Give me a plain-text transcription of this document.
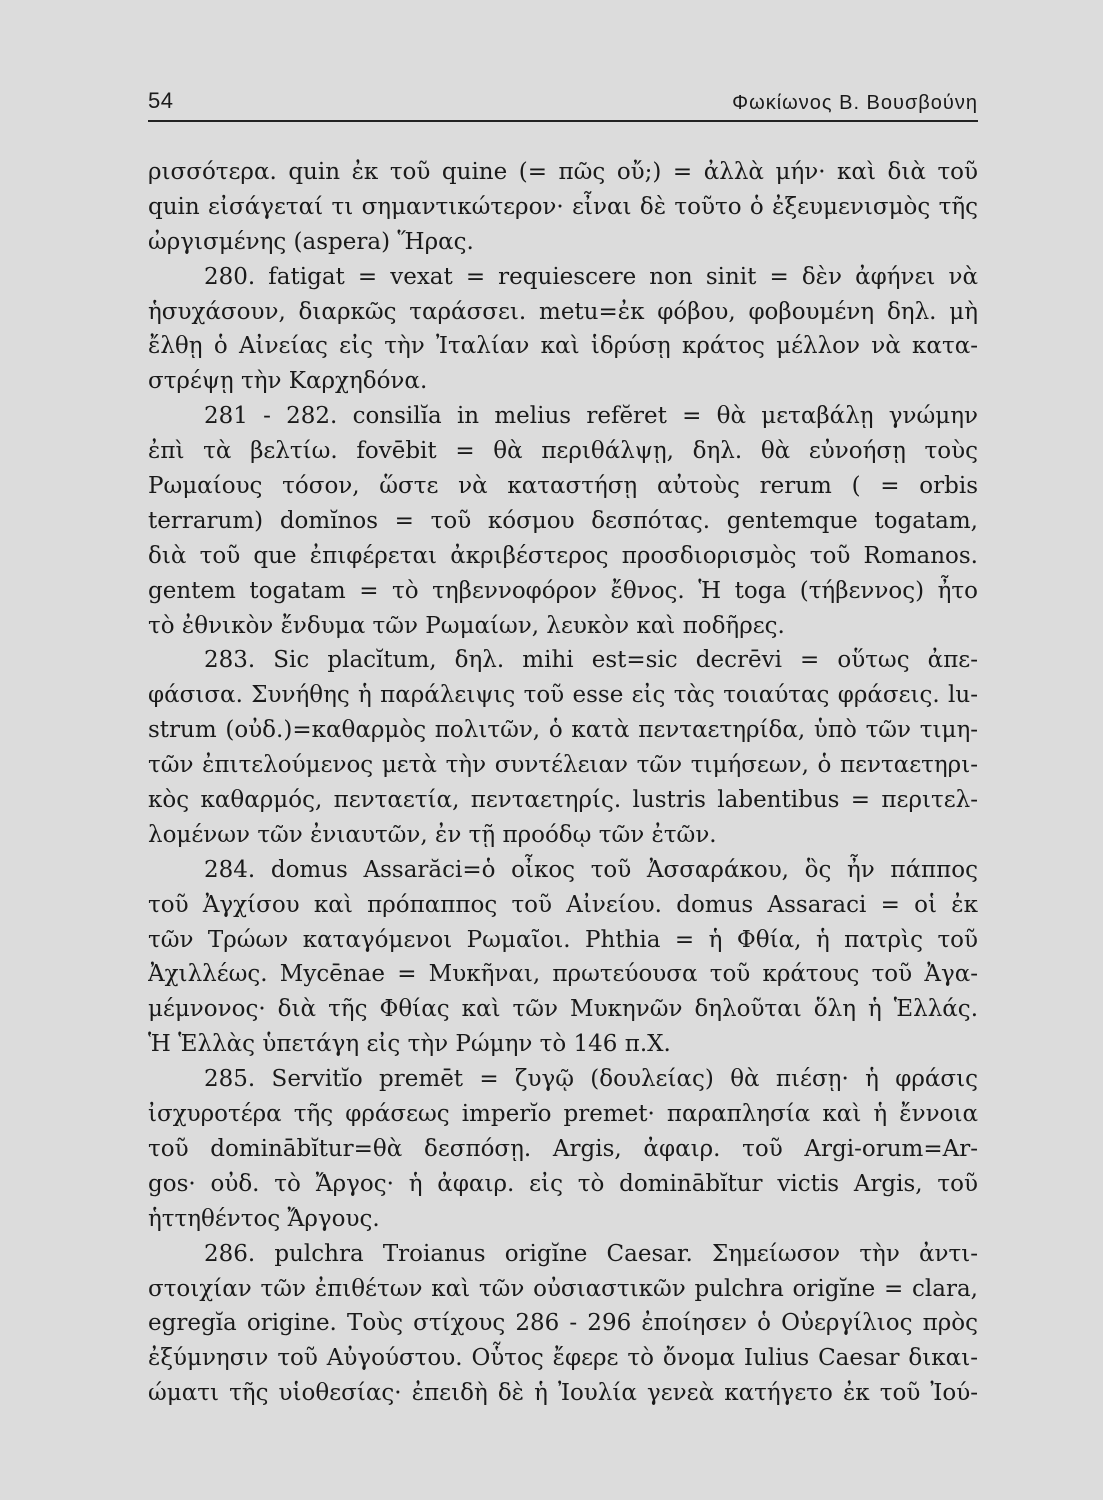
54	Φωκίωνος Β. Βουσβούνη
ρισσότερα. quin ἐκ τοῦ quine (= πῶς οὔ;) = ἀλλὰ μήν· καὶ διὰ τοῦ
quin εἰσάγεταί τι σημαντικώτερον· εἶναι δὲ τοῦτο ὁ ἐξευμενισμὸς τῆς
ὠργισμένης (aspera) Ἥρας.
280. fatigat = vexat = requiescere non sinit = δὲν ἀφήνει νὰ
ἡσυχάσουν, διαρκῶς ταράσσει. metu=ἐκ φόβου, φοβουμένη δηλ. μὴ
ἔλθῃ ὁ Αἰνείας εἰς τὴν Ἰταλίαν καὶ ἱδρύσῃ κράτος μέλλον νὰ κατα-
στρέψῃ τὴν Καρχηδόνα.
281 - 282. consilĭa in melius refĕret = θὰ μεταβάλῃ γνώμην
ἐπὶ τὰ βελτίω. fovēbit = θὰ περιθάλψῃ, δηλ. θὰ εὐνοήσῃ τοὺς
Ρωμαίους τόσον, ὥστε νὰ καταστήσῃ αὐτοὺς rerum ( = orbis
terrarum) domĭnos = τοῦ κόσμου δεσπότας. gentemque togatam,
διὰ τοῦ que ἐπιφέρεται ἀκριβέστερος προσδιορισμὸς τοῦ Romanos.
gentem togatam = τὸ τηβεννοφόρον ἔθνος. Ἡ toga (τήβεννος) ἦτο
τὸ ἐθνικὸν ἔνδυμα τῶν Ρωμαίων, λευκὸν καὶ ποδῆρες.
283. Sic placĭtum, δηλ. mihi est=sic decrēvi = οὕτως ἀπε-
φάσισα. Συνήθης ἡ παράλειψις τοῦ esse εἰς τὰς τοιαύτας φράσεις. lu-
strum (οὐδ.)=καθαρμὸς πολιτῶν, ὁ κατὰ πενταετηρίδα, ὑπὸ τῶν τιμη-
τῶν ἐπιτελούμενος μετὰ τὴν συντέλειαν τῶν τιμήσεων, ὁ πενταετηρι-
κὸς καθαρμός, πενταετία, πενταετηρίς. lustris labentibus = περιτελ-
λομένων τῶν ἐνιαυτῶν, ἐν τῇ προόδῳ τῶν ἐτῶν.
284. domus Assarăci=ὁ οἶκος τοῦ Ἀσσαράκου, ὃς ἦν πάππος
τοῦ Ἀγχίσου καὶ πρόπαππος τοῦ Αἰνείου. domus Assaraci = οἱ ἐκ
τῶν Τρώων καταγόμενοι Ρωμαῖοι. Phthia = ἡ Φθία, ἡ πατρὶς τοῦ
Ἀχιλλέως. Mycēnae = Μυκῆναι, πρωτεύουσα τοῦ κράτους τοῦ Ἀγα-
μέμνονος· διὰ τῆς Φθίας καὶ τῶν Μυκηνῶν δηλοῦται ὅλη ἡ Ἑλλάς.
Ἡ Ἑλλὰς ὑπετάγη εἰς τὴν Ρώμην τὸ 146 π.Χ.
285. Servitĭo premēt = ζυγῷ (δουλείας) θὰ πιέσῃ· ἡ φράσις
ἰσχυροτέρα τῆς φράσεως imperĭo premet· παραπλησία καὶ ἡ ἔννοια
τοῦ dominābĭtur=θὰ δεσπόσῃ. Argis, ἀφαιρ. τοῦ Argi-orum=Ar-
gos· οὐδ. τὸ Ἄργος· ἡ ἀφαιρ. εἰς τὸ dominābĭtur victis Argis, τοῦ
ἡττηθέντος Ἄργους.
286. pulchra Troianus origĭne Caesar. Σημείωσον τὴν ἀντι-
στοιχίαν τῶν ἐπιθέτων καὶ τῶν οὐσιαστικῶν pulchra origĭne = clara,
egregĭa origine. Τοὺς στίχους 286 - 296 ἐποίησεν ὁ Οὐεργίλιος πρὸς
ἐξύμνησιν τοῦ Αὐγούστου. Οὗτος ἔφερε τὸ ὄνομα Iulius Caesar δικαι-
ώματι τῆς υἱοθεσίας· ἐπειδὴ δὲ ἡ Ἰουλία γενεὰ κατήγετο ἐκ τοῦ Ἰού-
